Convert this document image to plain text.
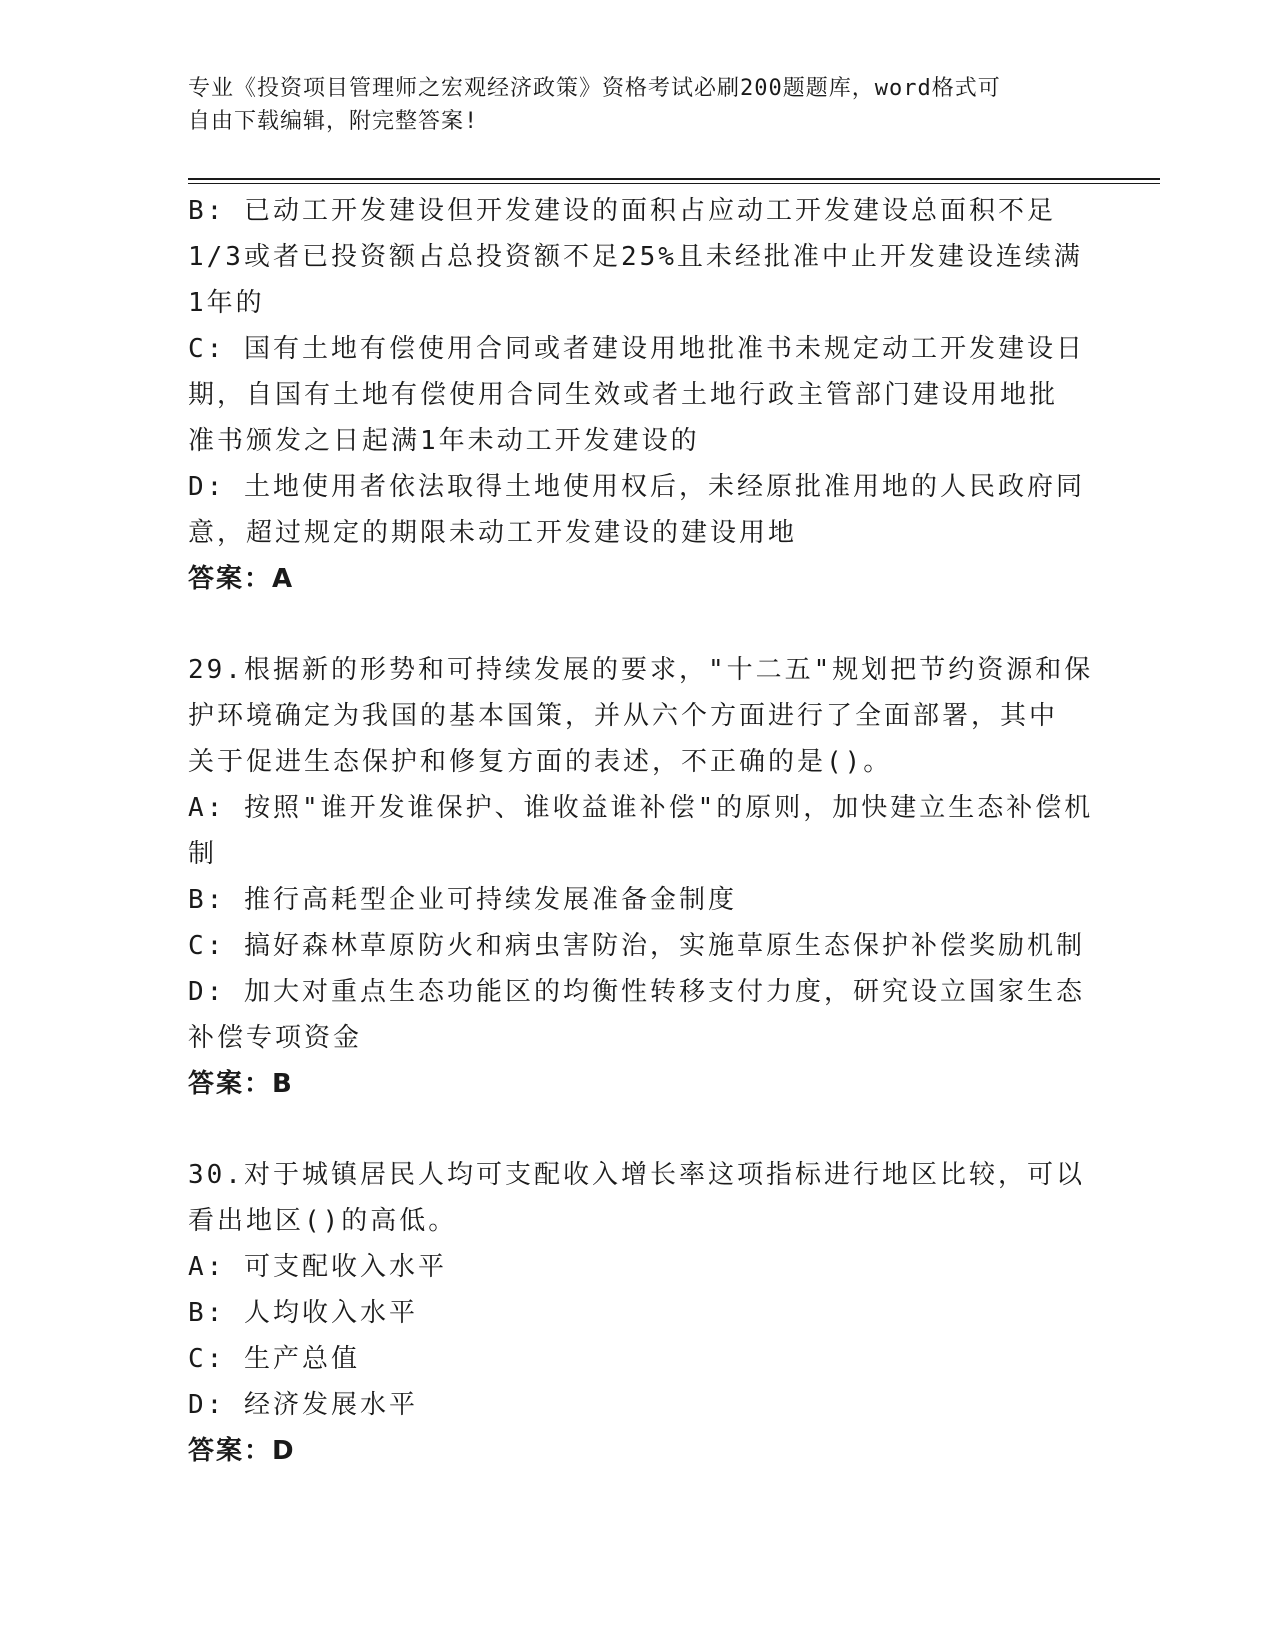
专业《投资项目管理师之宏观经济政策》资格考试必刷200题题库，word格式可
自由下载编辑，附完整答案!
B: 已动工开发建设但开发建设的面积占应动工开发建设总面积不足
1/3或者已投资额占总投资额不足25%且未经批准中止开发建设连续满
1年的
C: 国有土地有偿使用合同或者建设用地批准书未规定动工开发建设日
期，自国有土地有偿使用合同生效或者土地行政主管部门建设用地批
准书颁发之日起满1年未动工开发建设的
D: 土地使用者依法取得土地使用权后，未经原批准用地的人民政府同
意，超过规定的期限未动工开发建设的建设用地
答案：A
29.根据新的形势和可持续发展的要求，"十二五"规划把节约资源和保
护环境确定为我国的基本国策，并从六个方面进行了全面部署，其中
关于促进生态保护和修复方面的表述，不正确的是()。
A: 按照"谁开发谁保护、谁收益谁补偿"的原则，加快建立生态补偿机
制
B: 推行高耗型企业可持续发展准备金制度
C: 搞好森林草原防火和病虫害防治，实施草原生态保护补偿奖励机制
D: 加大对重点生态功能区的均衡性转移支付力度，研究设立国家生态
补偿专项资金
答案：B
30.对于城镇居民人均可支配收入增长率这项指标进行地区比较，可以
看出地区()的高低。
A: 可支配收入水平
B: 人均收入水平
C: 生产总值
D: 经济发展水平
答案：D
